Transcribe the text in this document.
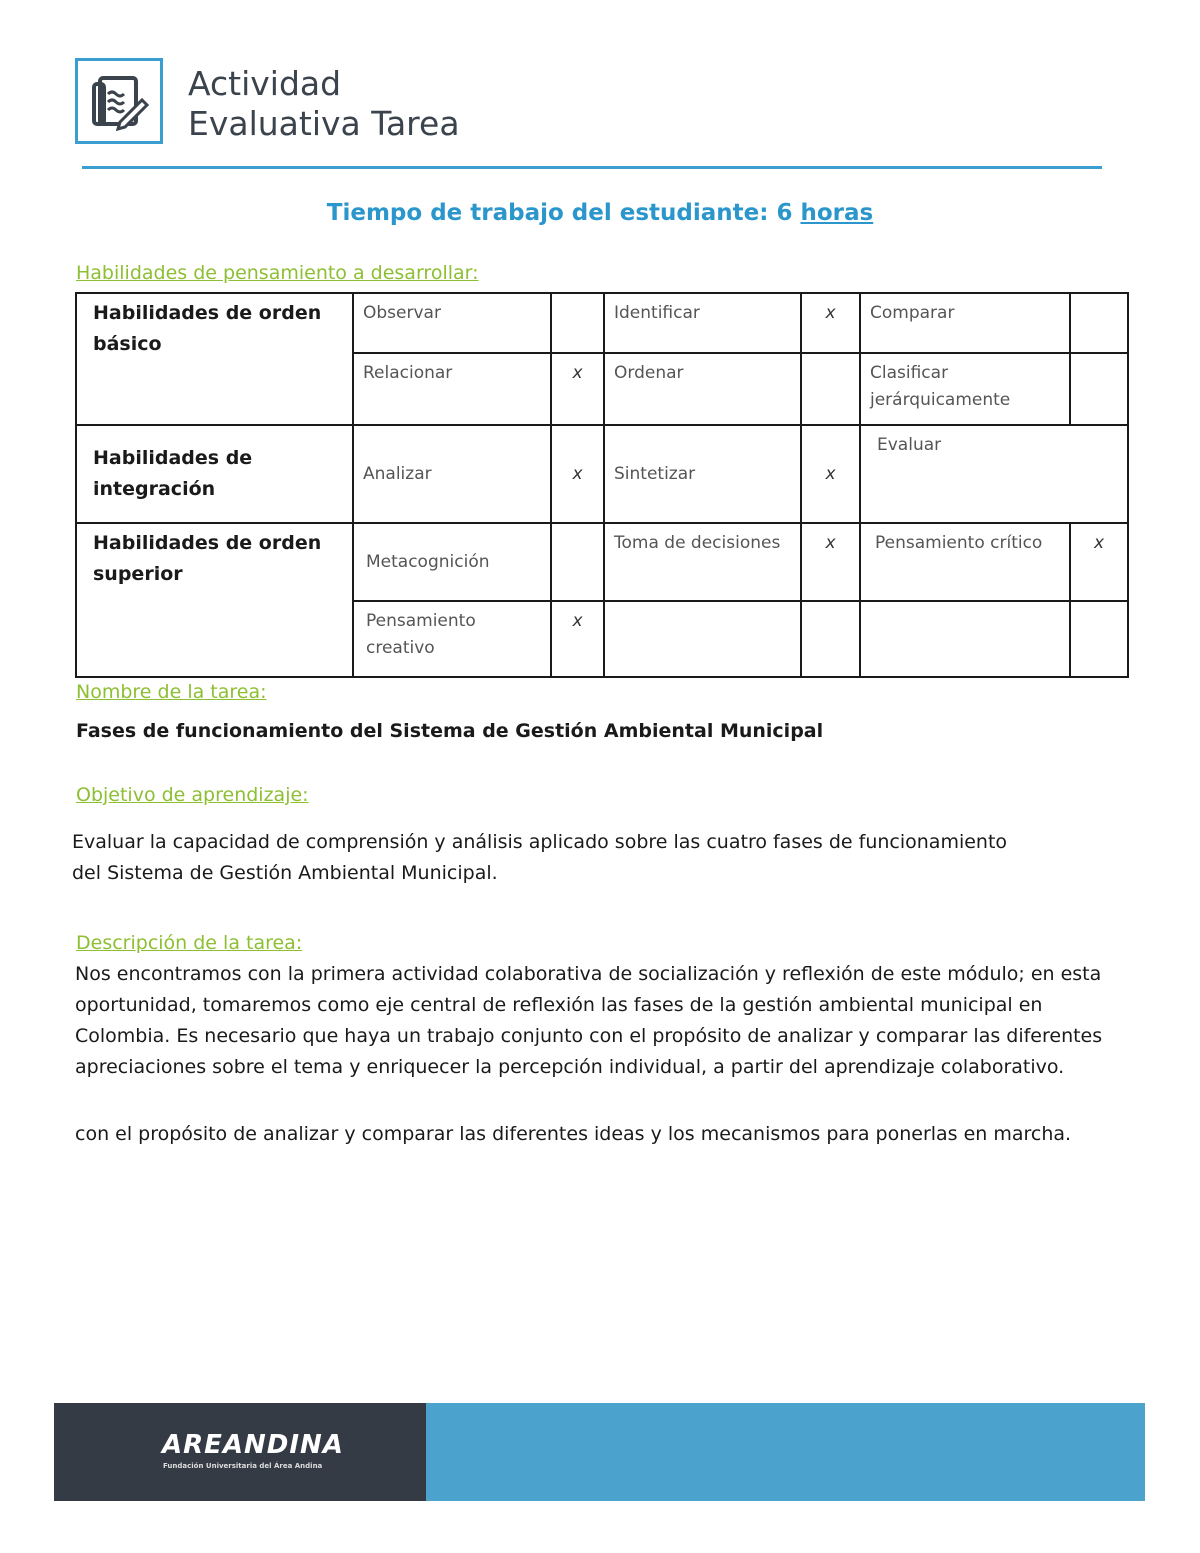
Actividad
Evaluativa Tarea
Tiempo de trabajo del estudiante: 6 horas
Habilidades de pensamiento a desarrollar:
Habilidades de orden básico	Observar		Identificar	x	Comparar	
	Relacionar	x	Ordenar		Clasificar jerárquicamente	
Habilidades de integración	Analizar	x	Sintetizar	x	Evaluar	
Habilidades de orden superior	Metacognición		Toma de decisiones	x	Pensamiento crítico	x
	Pensamiento creativo	x				
Nombre de la tarea:
Fases de funcionamiento del Sistema de Gestión Ambiental Municipal
Objetivo de aprendizaje:
Evaluar la capacidad de comprensión y análisis aplicado sobre las cuatro fases de funcionamiento del Sistema de Gestión Ambiental Municipal.
Descripción de la tarea:
Nos encontramos con la primera actividad colaborativa de socialización y reflexión de este módulo; en esta oportunidad, tomaremos como eje central de reflexión las fases de la gestión ambiental municipal en Colombia. Es necesario que haya un trabajo conjunto con el propósito de analizar y comparar las diferentes apreciaciones sobre el tema y enriquecer la percepción individual, a partir del aprendizaje colaborativo.
con el propósito de analizar y comparar las diferentes ideas y los mecanismos para ponerlas en marcha.
AREANDINA
Fundación Universitaria del Área Andina
